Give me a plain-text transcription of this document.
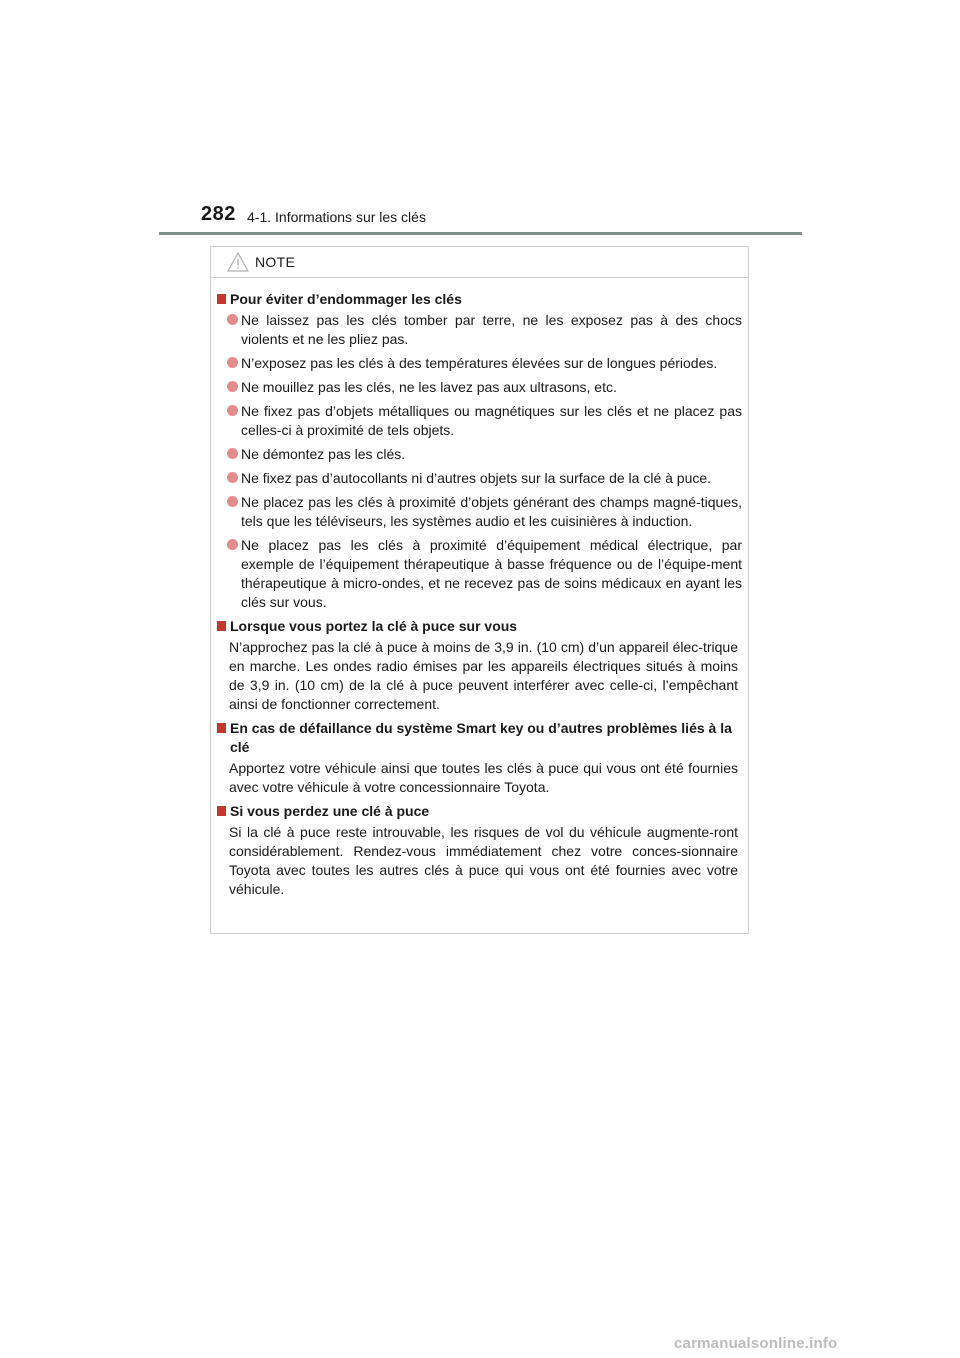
282 4-1. Informations sur les clés
NOTE
Pour éviter d’endommager les clés
Ne laissez pas les clés tomber par terre, ne les exposez pas à des chocs violents et ne les pliez pas.
N’exposez pas les clés à des températures élevées sur de longues périodes.
Ne mouillez pas les clés, ne les lavez pas aux ultrasons, etc.
Ne fixez pas d’objets métalliques ou magnétiques sur les clés et ne placez pas celles-ci à proximité de tels objets.
Ne démontez pas les clés.
Ne fixez pas d’autocollants ni d’autres objets sur la surface de la clé à puce.
Ne placez pas les clés à proximité d’objets générant des champs magné-tiques, tels que les téléviseurs, les systèmes audio et les cuisinières à induction.
Ne placez pas les clés à proximité d’équipement médical électrique, par exemple de l’équipement thérapeutique à basse fréquence ou de l’équipe-ment thérapeutique à micro-ondes, et ne recevez pas de soins médicaux en ayant les clés sur vous.
Lorsque vous portez la clé à puce sur vous
N’approchez pas la clé à puce à moins de 3,9 in. (10 cm) d’un appareil élec-trique en marche. Les ondes radio émises par les appareils électriques situés à moins de 3,9 in. (10 cm) de la clé à puce peuvent interférer avec celle-ci, l’empêchant ainsi de fonctionner correctement.
En cas de défaillance du système Smart key ou d’autres problèmes liés à la clé
Apportez votre véhicule ainsi que toutes les clés à puce qui vous ont été fournies avec votre véhicule à votre concessionnaire Toyota.
Si vous perdez une clé à puce
Si la clé à puce reste introuvable, les risques de vol du véhicule augmente-ront considérablement. Rendez-vous immédiatement chez votre conces-sionnaire Toyota avec toutes les autres clés à puce qui vous ont été fournies avec votre véhicule.
carmanualsonline.info
